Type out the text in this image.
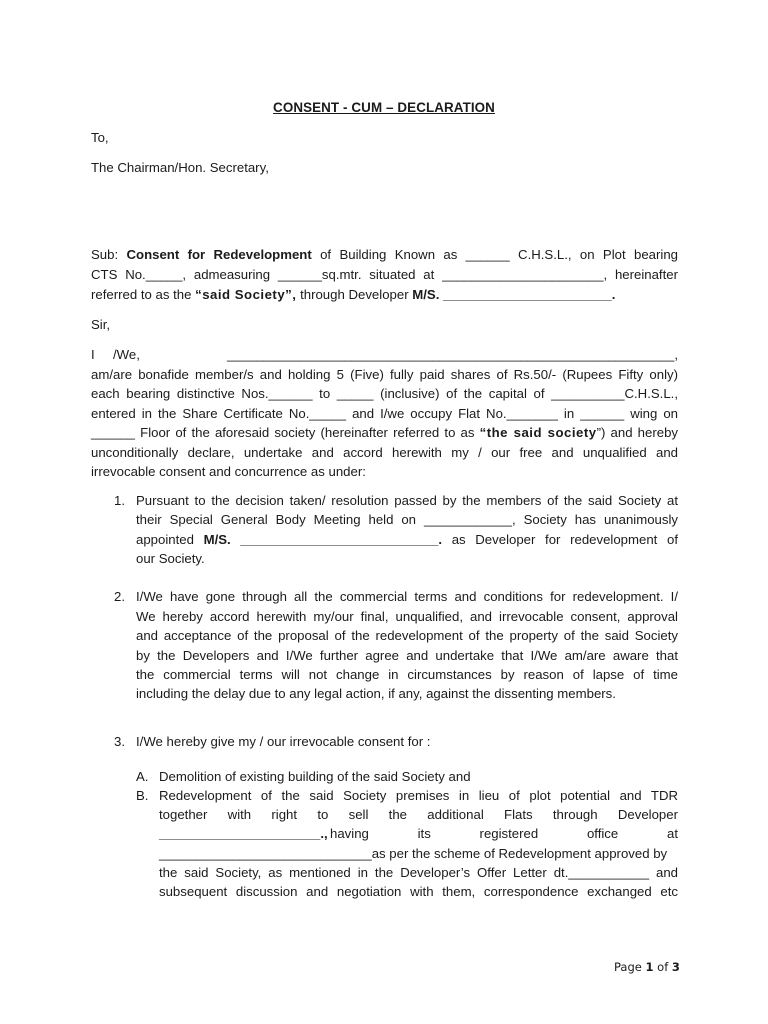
CONSENT - CUM – DECLARATION
To,
The Chairman/Hon. Secretary,
Sub: Consent for Redevelopment of Building Known as ______ C.H.S.L., on Plot bearing
CTS No._____, admeasuring ______sq.mtr. situated at ______________________, hereinafter
referred to as the “said Society”, through Developer M/S. _______________________.
Sir,
I     /We,	_____________________________________________________________,
am/are bonafide member/s and holding 5 (Five) fully paid shares of Rs.50/- (Rupees Fifty only)
each bearing distinctive Nos.______ to _____ (inclusive) of the capital of __________C.H.S.L.,
entered in the Share Certificate No._____ and I/we occupy Flat No._______ in ______ wing on
______ Floor of the aforesaid society (hereinafter referred to as “the said society”) and hereby
unconditionally declare, undertake and accord herewith my / our free and unqualified and
irrevocable consent and concurrence as under:
1. Pursuant to the decision taken/ resolution passed by the members of the said Society at
their Special General Body Meeting held on ____________, Society has unanimously
appointed M/S. ___________________________. as Developer for redevelopment of
our Society.
2. I/We have gone through all the commercial terms and conditions for redevelopment. I/
We hereby accord herewith my/our final, unqualified, and irrevocable consent, approval
and acceptance of the proposal of the redevelopment of the property of the said Society
by the Developers and I/We further agree and undertake that I/We am/are aware that
the commercial terms will not change in circumstances by reason of lapse of time
including the delay due to any legal action, if any, against the dissenting members.
3. I/We hereby give my / our irrevocable consent for :
A. Demolition of existing building of the said Society and
B. Redevelopment of the said Society premises in lieu of plot potential and TDR
together with right to sell the additional Flats through Developer
______________________., having its registered office at
_____________________________as per the scheme of Redevelopment approved by
the said Society, as mentioned in the Developer’s Offer Letter dt.___________ and
subsequent discussion and negotiation with them, correspondence exchanged etc
Page 1 of 3
